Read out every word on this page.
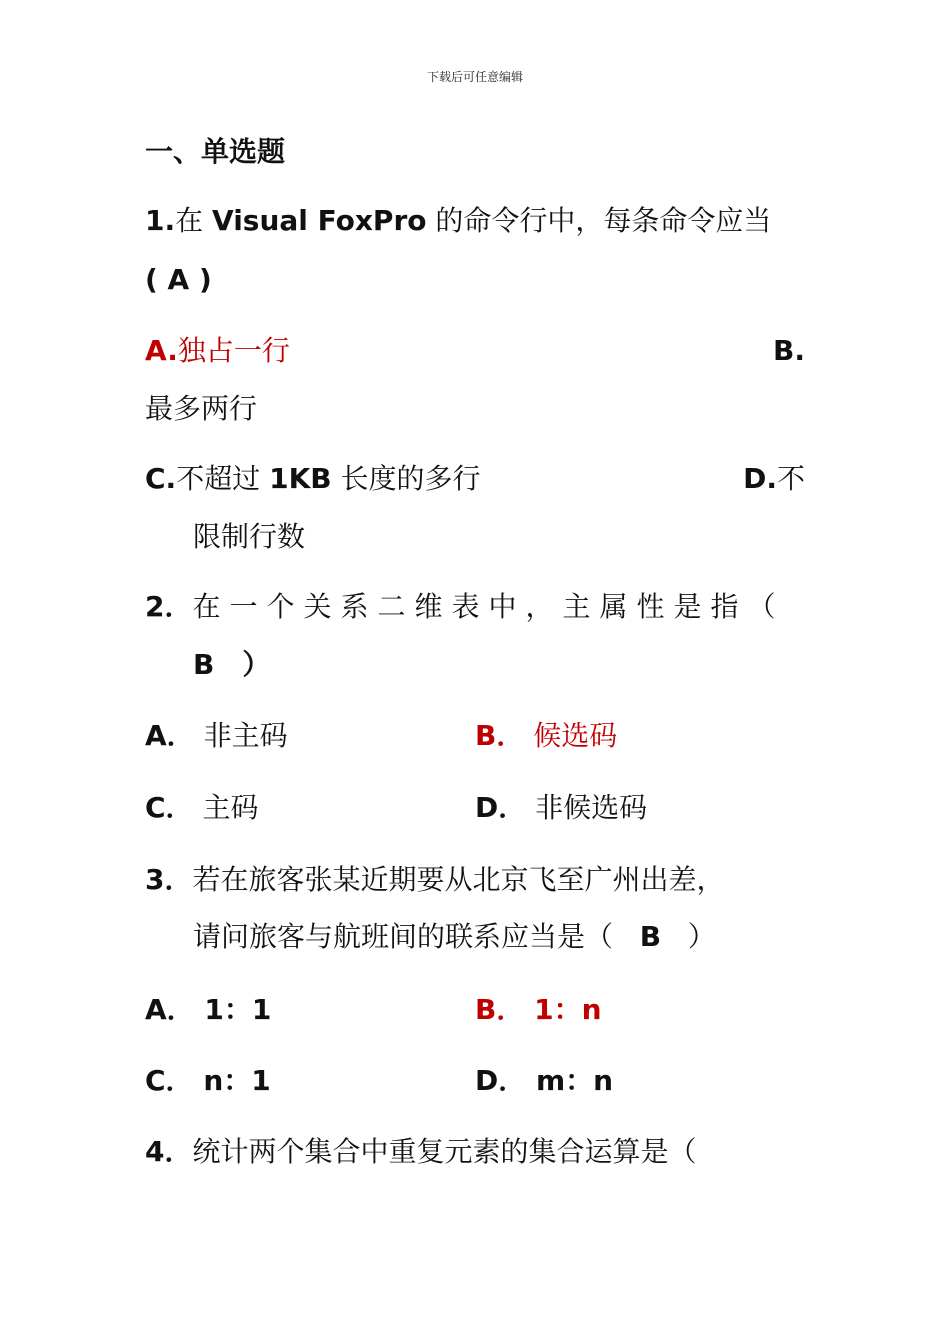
下载后可任意编辑
一、单选题
1.在 Visual FoxPro 的命令行中，每条命令应当
( A )
A.独占一行	B.
最多两行
C.不超过 1KB 长度的多行	D.不
限制行数
2．在一个关系二维表中，主属性是指（
B　）
A． 非主码	B． 候选码
C． 主码	D． 非候选码
3．若在旅客张某近期要从北京飞至广州出差，
请问旅客与航班间的联系应当是（ B ）
A． 1：1	B． 1：n
C． n：1	D． m：n
4．统计两个集合中重复元素的集合运算是（
